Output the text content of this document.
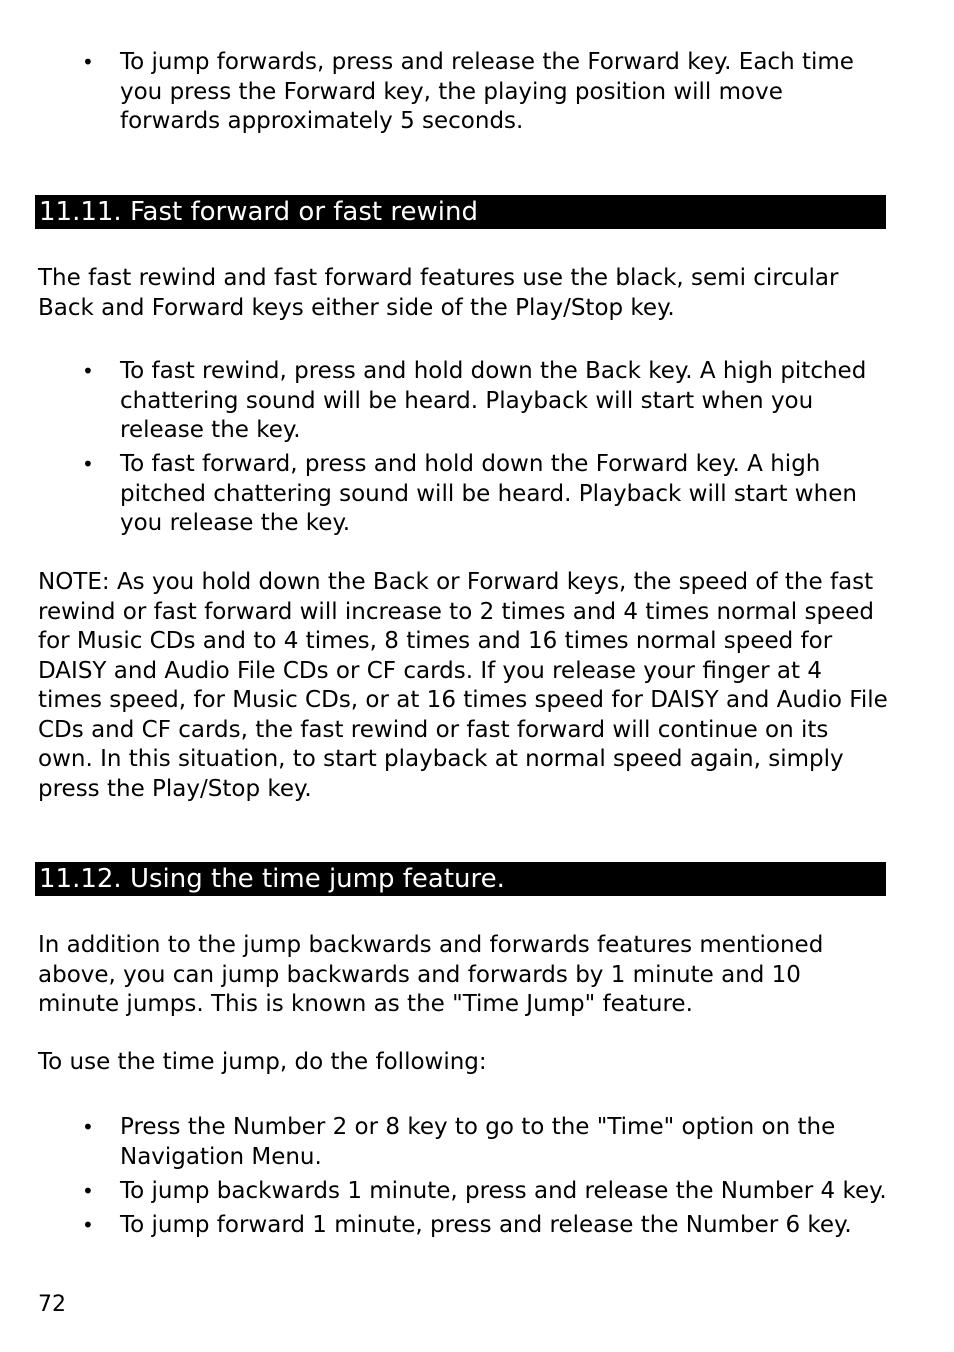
• To jump forwards, press and release the Forward key. Each time you press the Forward key, the playing position will move forwards approximately 5 seconds.
11.11. Fast forward or fast rewind

The fast rewind and fast forward features use the black, semi circular Back and Forward keys either side of the Play/Stop key.

• To fast rewind, press and hold down the Back key. A high pitched chattering sound will be heard. Playback will start when you release the key.
• To fast forward, press and hold down the Forward key. A high pitched chattering sound will be heard. Playback will start when you release the key.

NOTE: As you hold down the Back or Forward keys, the speed of the fast rewind or fast forward will increase to 2 times and 4 times normal speed for Music CDs and to 4 times, 8 times and 16 times normal speed for DAISY and Audio File CDs or CF cards. If you release your finger at 4 times speed, for Music CDs, or at 16 times speed for DAISY and Audio File CDs and CF cards, the fast rewind or fast forward will continue on its own. In this situation, to start playback at normal speed again, simply press the Play/Stop key.

11.12. Using the time jump feature.

In addition to the jump backwards and forwards features mentioned above, you can jump backwards and forwards by 1 minute and 10 minute jumps. This is known as the "Time Jump" feature.

To use the time jump, do the following:

• Press the Number 2 or 8 key to go to the "Time" option on the Navigation Menu.
• To jump backwards 1 minute, press and release the Number 4 key.
• To jump forward 1 minute, press and release the Number 6 key.

72
